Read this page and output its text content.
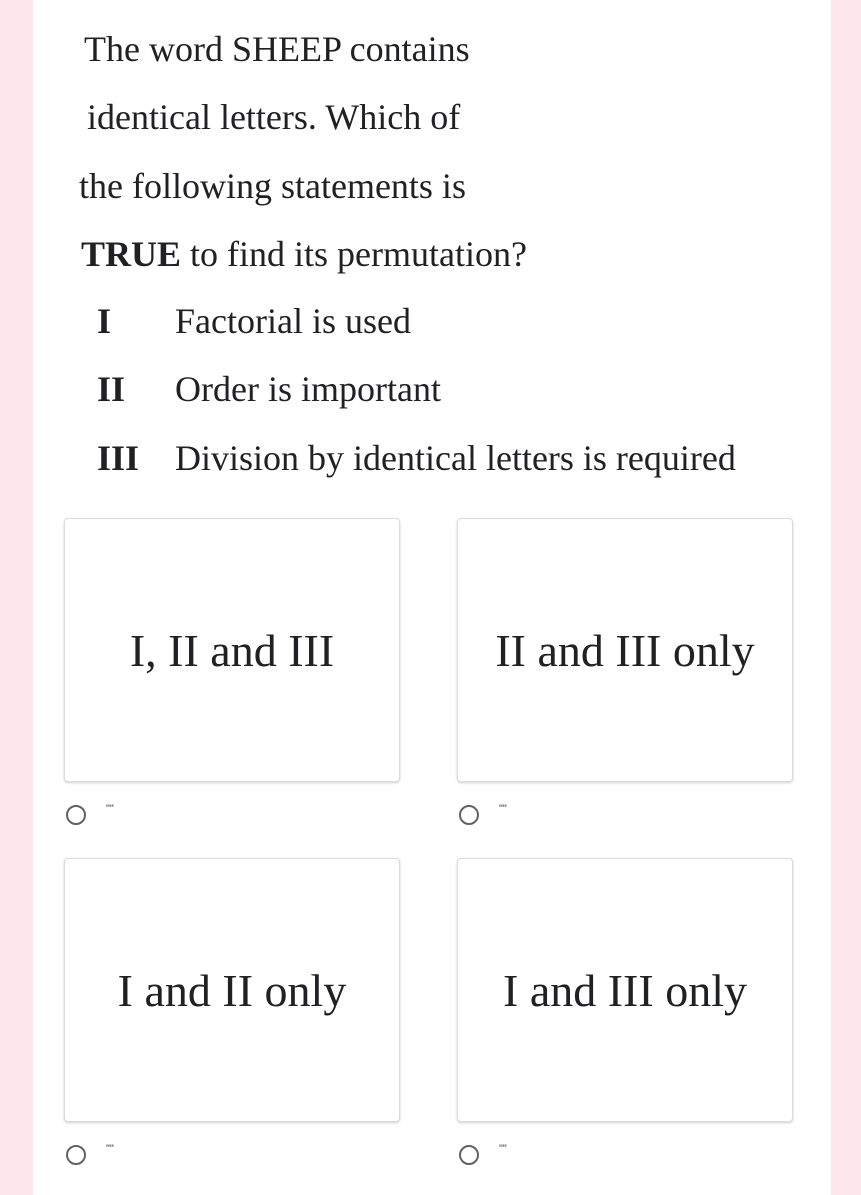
The word SHEEP contains
identical letters. Which of
the following statements is
TRUE to find its permutation?
I Factorial is used
II Order is important
III Division by identical letters is required
I, II and III
""
II and III only
""
I and II only
""
I and III only
""
